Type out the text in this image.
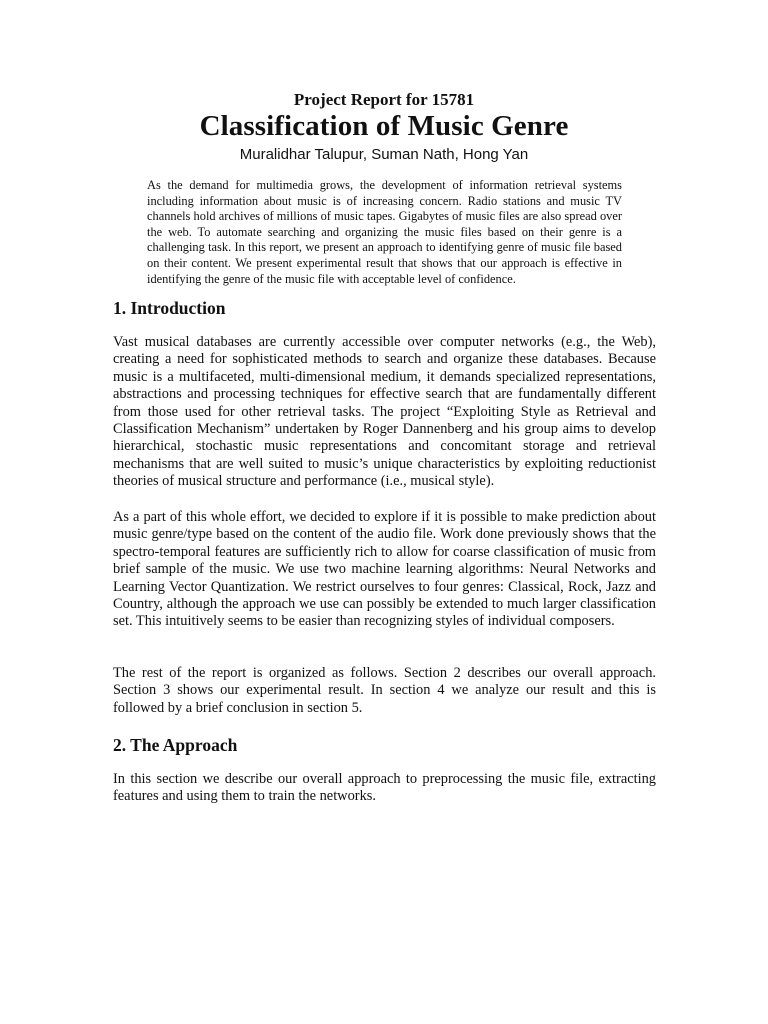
Project Report for 15781
Classification of Music Genre
Muralidhar Talupur, Suman Nath, Hong Yan

As the demand for multimedia grows, the development of information retrieval systems including information about music is of increasing concern. Radio stations and music TV channels hold archives of millions of music tapes. Gigabytes of music files are also spread over the web. To automate searching and organizing the music files based on their genre is a challenging task. In this report, we present an approach to identifying genre of music file based on their content. We present experimental result that shows that our approach is effective in identifying the genre of the music file with acceptable level of confidence.

1. Introduction

Vast musical databases are currently accessible over computer networks (e.g., the Web), creating a need for sophisticated methods to search and organize these databases. Because music is a multifaceted, multi-dimensional medium, it demands specialized representations, abstractions and processing techniques for effective search that are fundamentally different from those used for other retrieval tasks. The project “Exploiting Style as Retrieval and Classification Mechanism” undertaken by Roger Dannenberg and his group aims to develop hierarchical, stochastic music representations and concomitant storage and retrieval mechanisms that are well suited to music’s unique characteristics by exploiting reductionist theories of musical structure and performance (i.e., musical style).

As a part of this whole effort, we decided to explore if it is possible to make prediction about music genre/type based on the content of the audio file. Work done previously shows that the spectro-temporal features are sufficiently rich to allow for coarse classification of music from brief sample of the music. We use two machine learning algorithms: Neural Networks and Learning Vector Quantization. We restrict ourselves to four genres: Classical, Rock, Jazz and Country, although the approach we use can possibly be extended to much larger classification set. This intuitively seems to be easier than recognizing styles of individual composers.

The rest of the report is organized as follows. Section 2 describes our overall approach. Section 3 shows our experimental result. In section 4 we analyze our result and this is followed by a brief conclusion in section 5.

2. The Approach

In this section we describe our overall approach to preprocessing the music file, extracting features and using them to train the networks.
